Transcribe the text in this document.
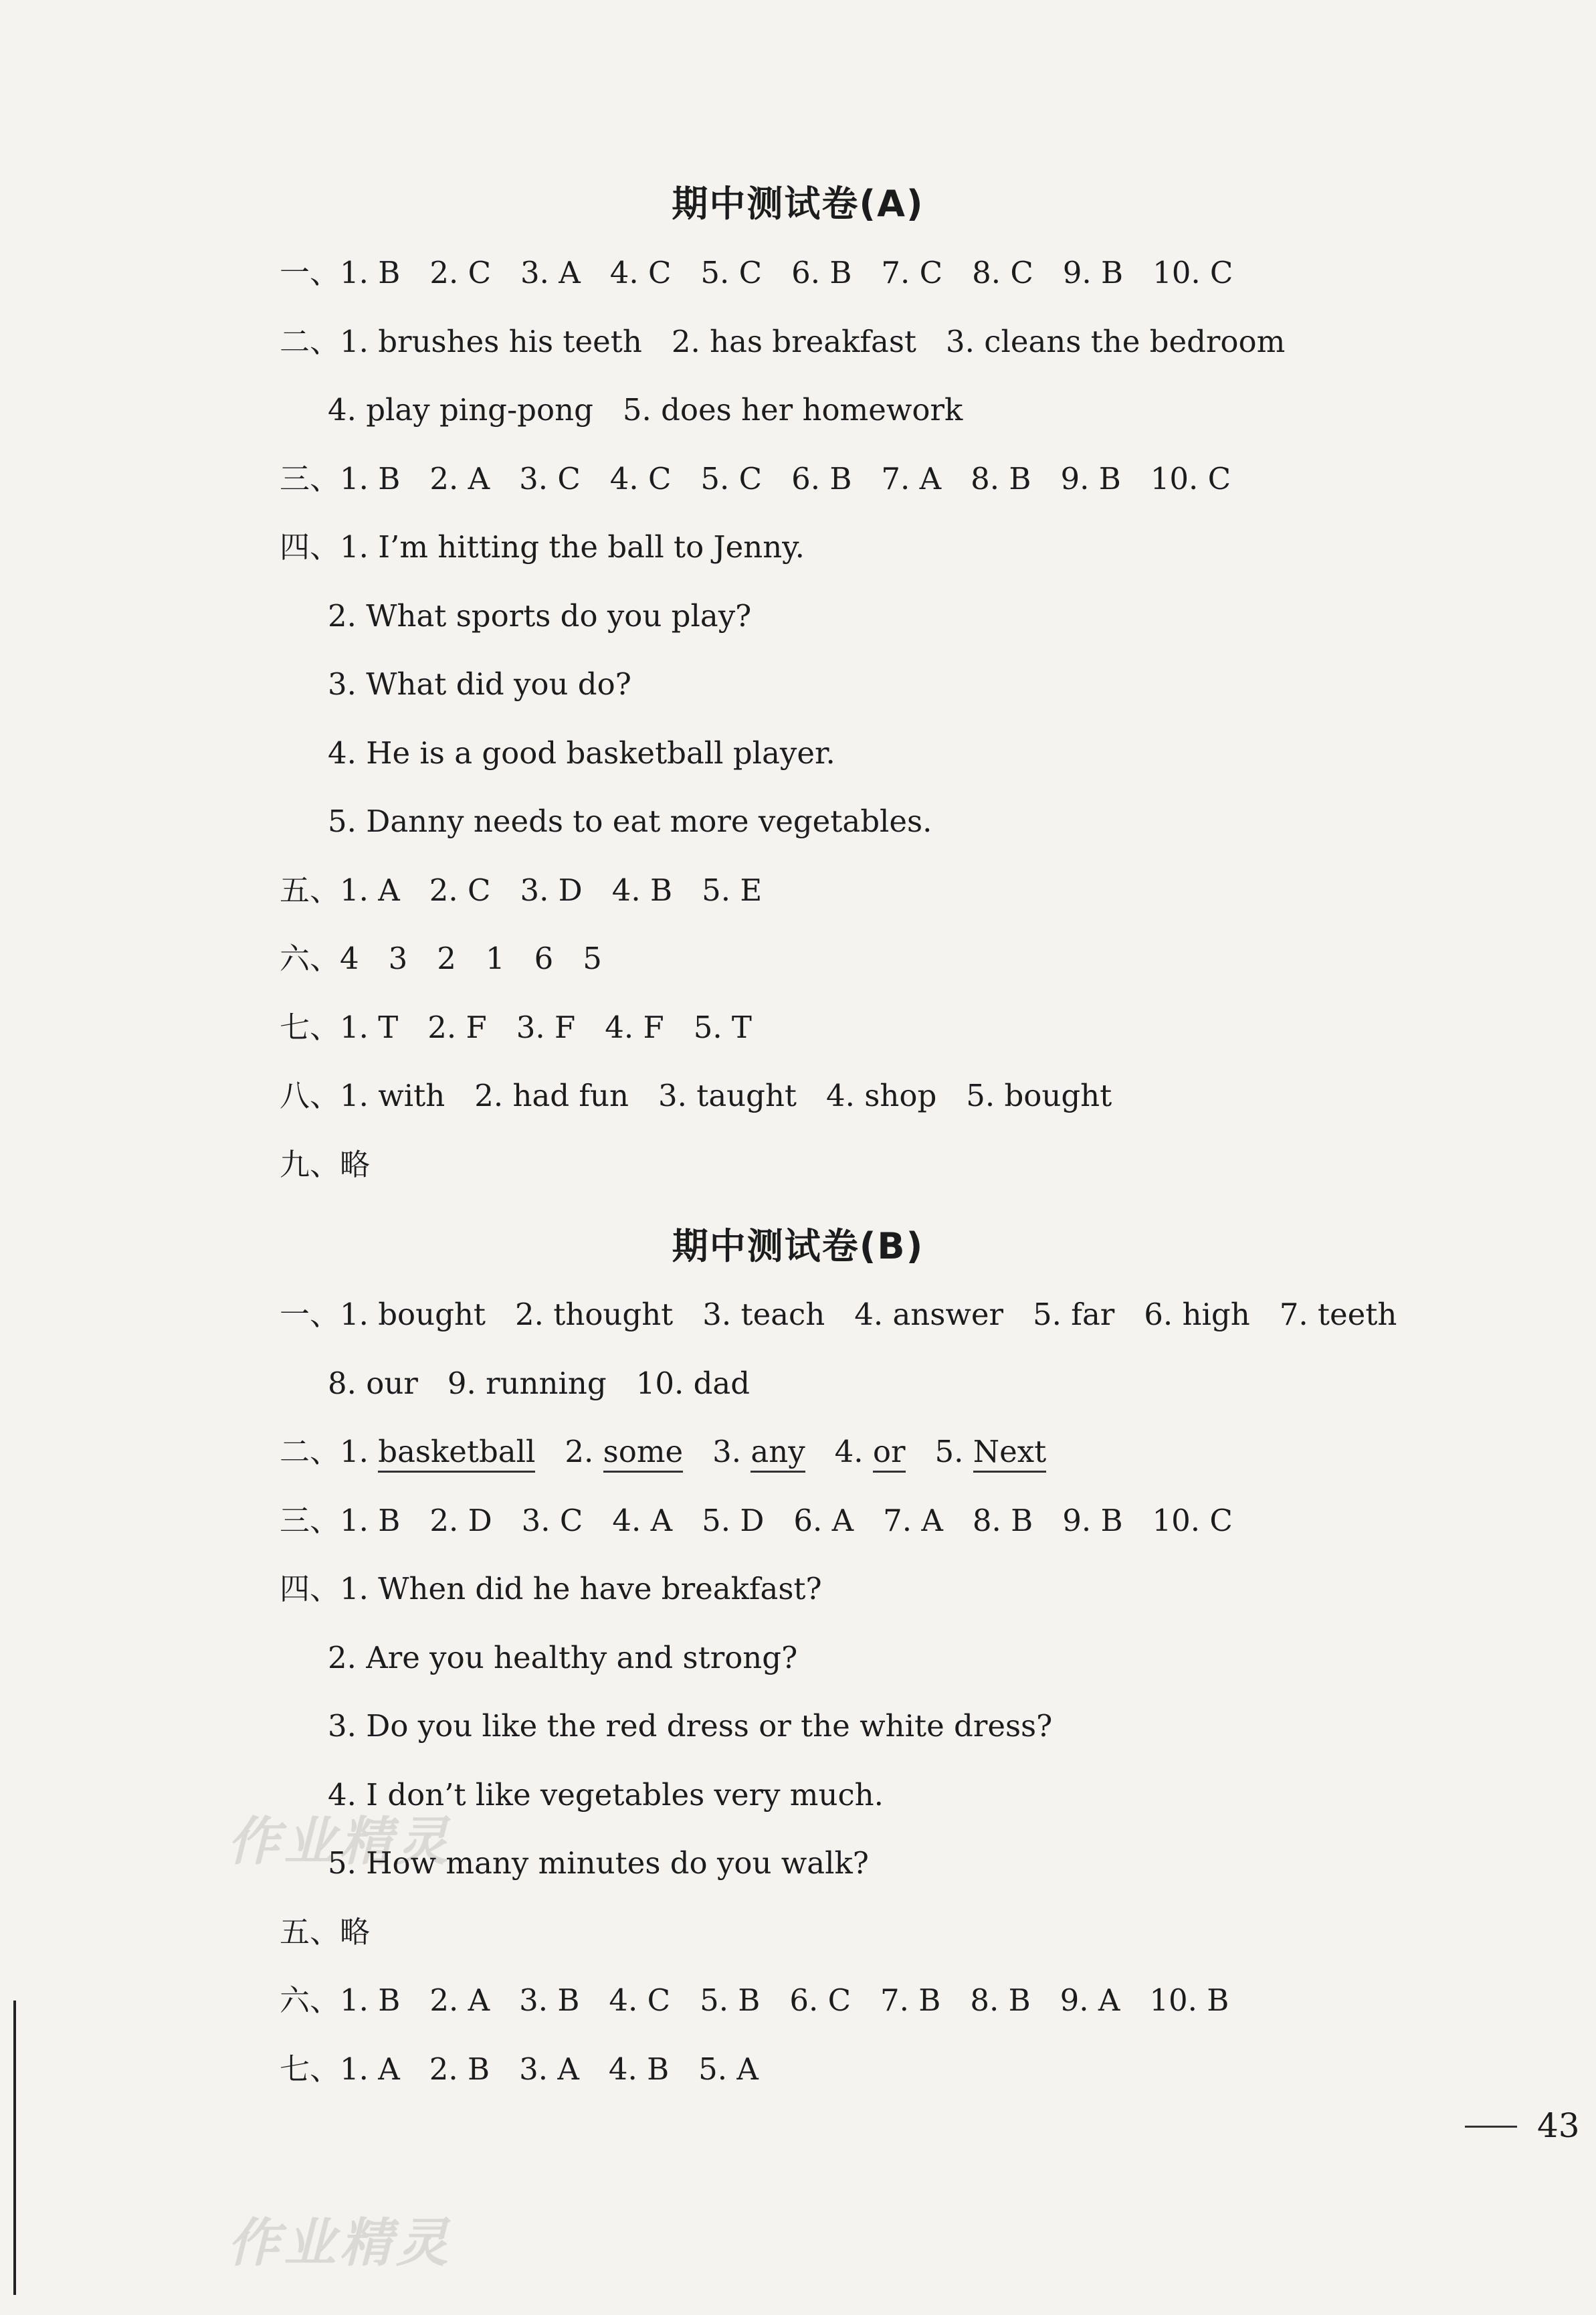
作业精灵
作业精灵
43
期中测试卷(A)
一、1. B 2. C 3. A 4. C 5. C 6. B 7. C 8. C 9. B 10. C
二、1. brushes his teeth 2. has breakfast 3. cleans the bedroom
4. play ping-pong 5. does her homework
三、1. B 2. A 3. C 4. C 5. C 6. B 7. A 8. B 9. B 10. C
四、1. I’m hitting the ball to Jenny.
2. What sports do you play?
3. What did you do?
4. He is a good basketball player.
5. Danny needs to eat more vegetables.
五、1. A 2. C 3. D 4. B 5. E
六、4 3 2 1 6 5
七、1. T 2. F 3. F 4. F 5. T
八、1. with 2. had fun 3. taught 4. shop 5. bought
九、略
期中测试卷(B)
一、1. bought 2. thought 3. teach 4. answer 5. far 6. high 7. teeth
8. our 9. running 10. dad
二、1. basketball 2. some 3. any 4. or 5. Next
三、1. B 2. D 3. C 4. A 5. D 6. A 7. A 8. B 9. B 10. C
四、1. When did he have breakfast?
2. Are you healthy and strong?
3. Do you like the red dress or the white dress?
4. I don’t like vegetables very much.
5. How many minutes do you walk?
五、略
六、1. B 2. A 3. B 4. C 5. B 6. C 7. B 8. B 9. A 10. B
七、1. A 2. B 3. A 4. B 5. A
